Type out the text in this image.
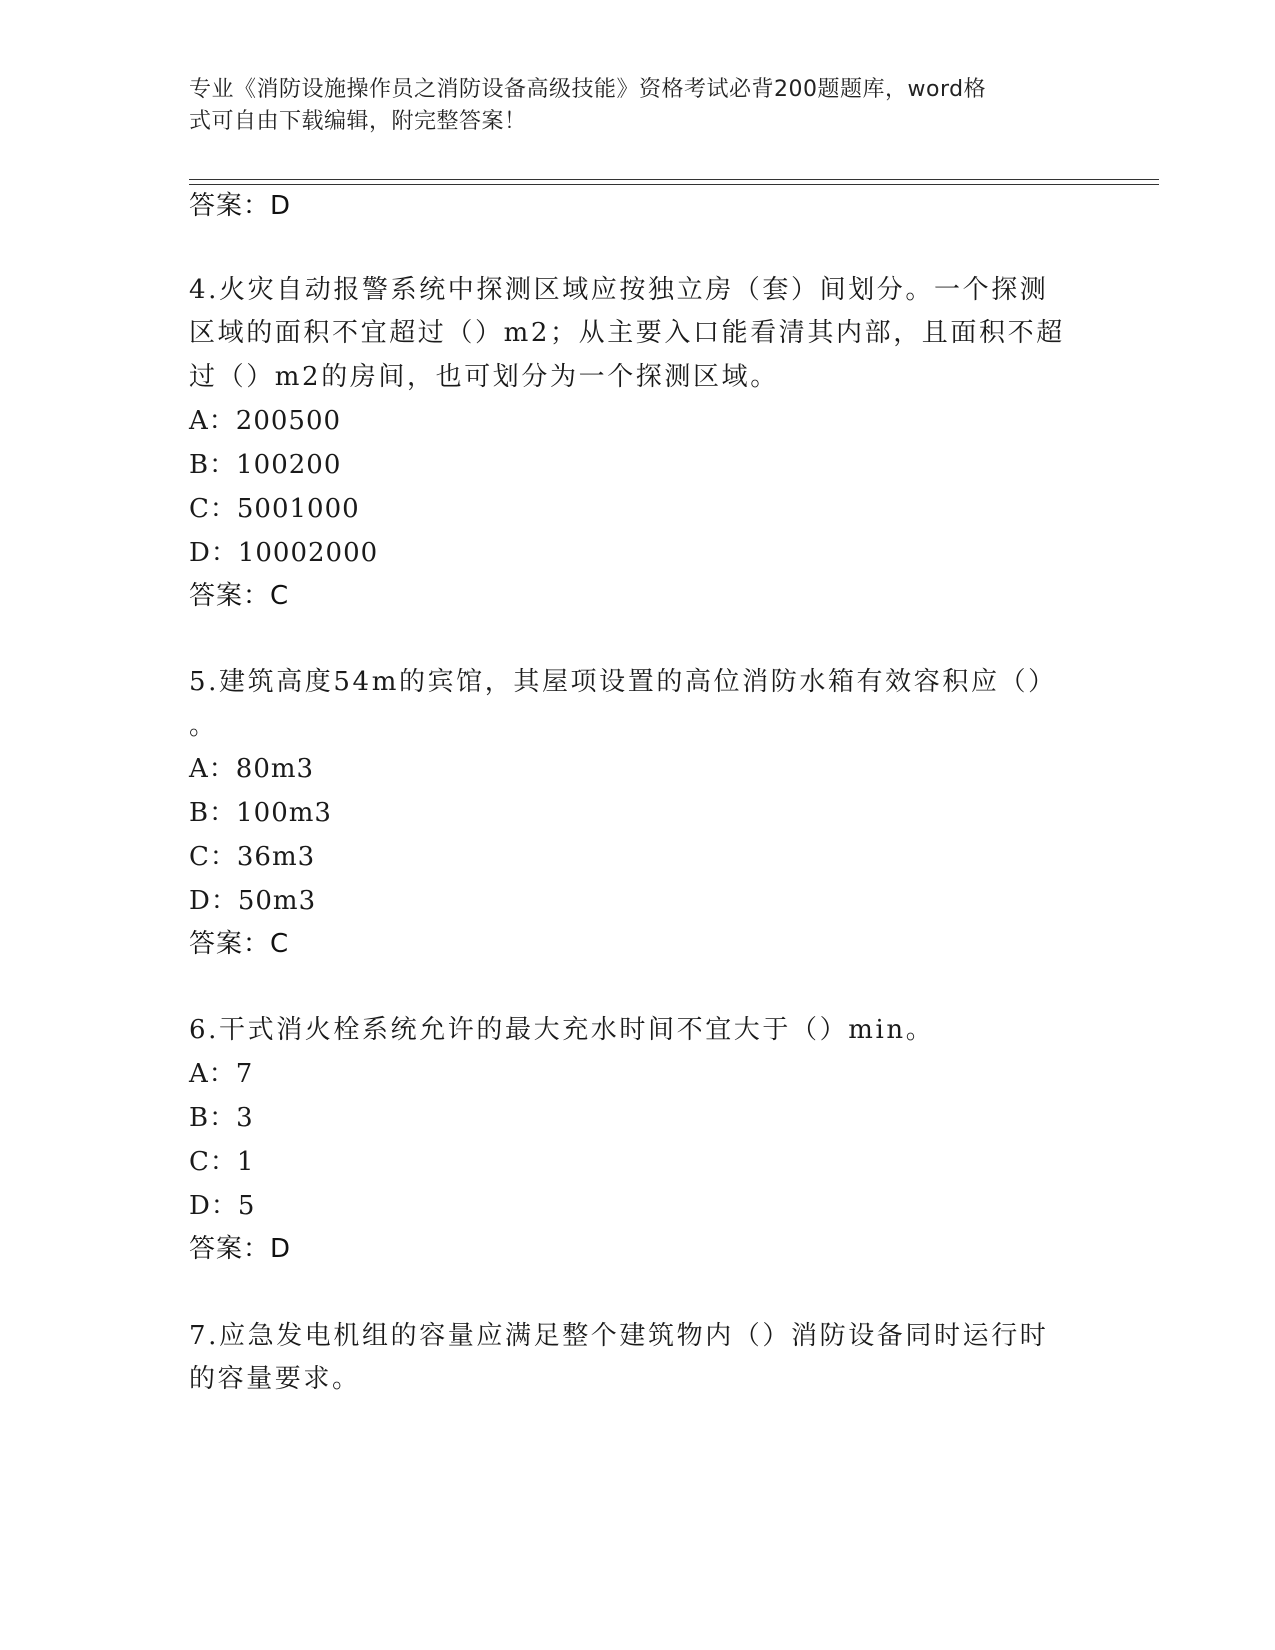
专业《消防设施操作员之消防设备高级技能》资格考试必背200题题库，word格
式可自由下载编辑，附完整答案！
答案：D
4.火灾自动报警系统中探测区域应按独立房（套）间划分。一个探测
区域的面积不宜超过（）m2；从主要入口能看清其内部，且面积不超
过（）m2的房间，也可划分为一个探测区域。
A：200500
B：100200
C：5001000
D：10002000
答案：C
5.建筑高度54m的宾馆，其屋项设置的高位消防水箱有效容积应（）
。
A：80m3
B：100m3
C：36m3
D：50m3
答案：C
6.干式消火栓系统允许的最大充水时间不宜大于（）min。
A：7
B：3
C：1
D：5
答案：D
7.应急发电机组的容量应满足整个建筑物内（）消防设备同时运行时
的容量要求。
